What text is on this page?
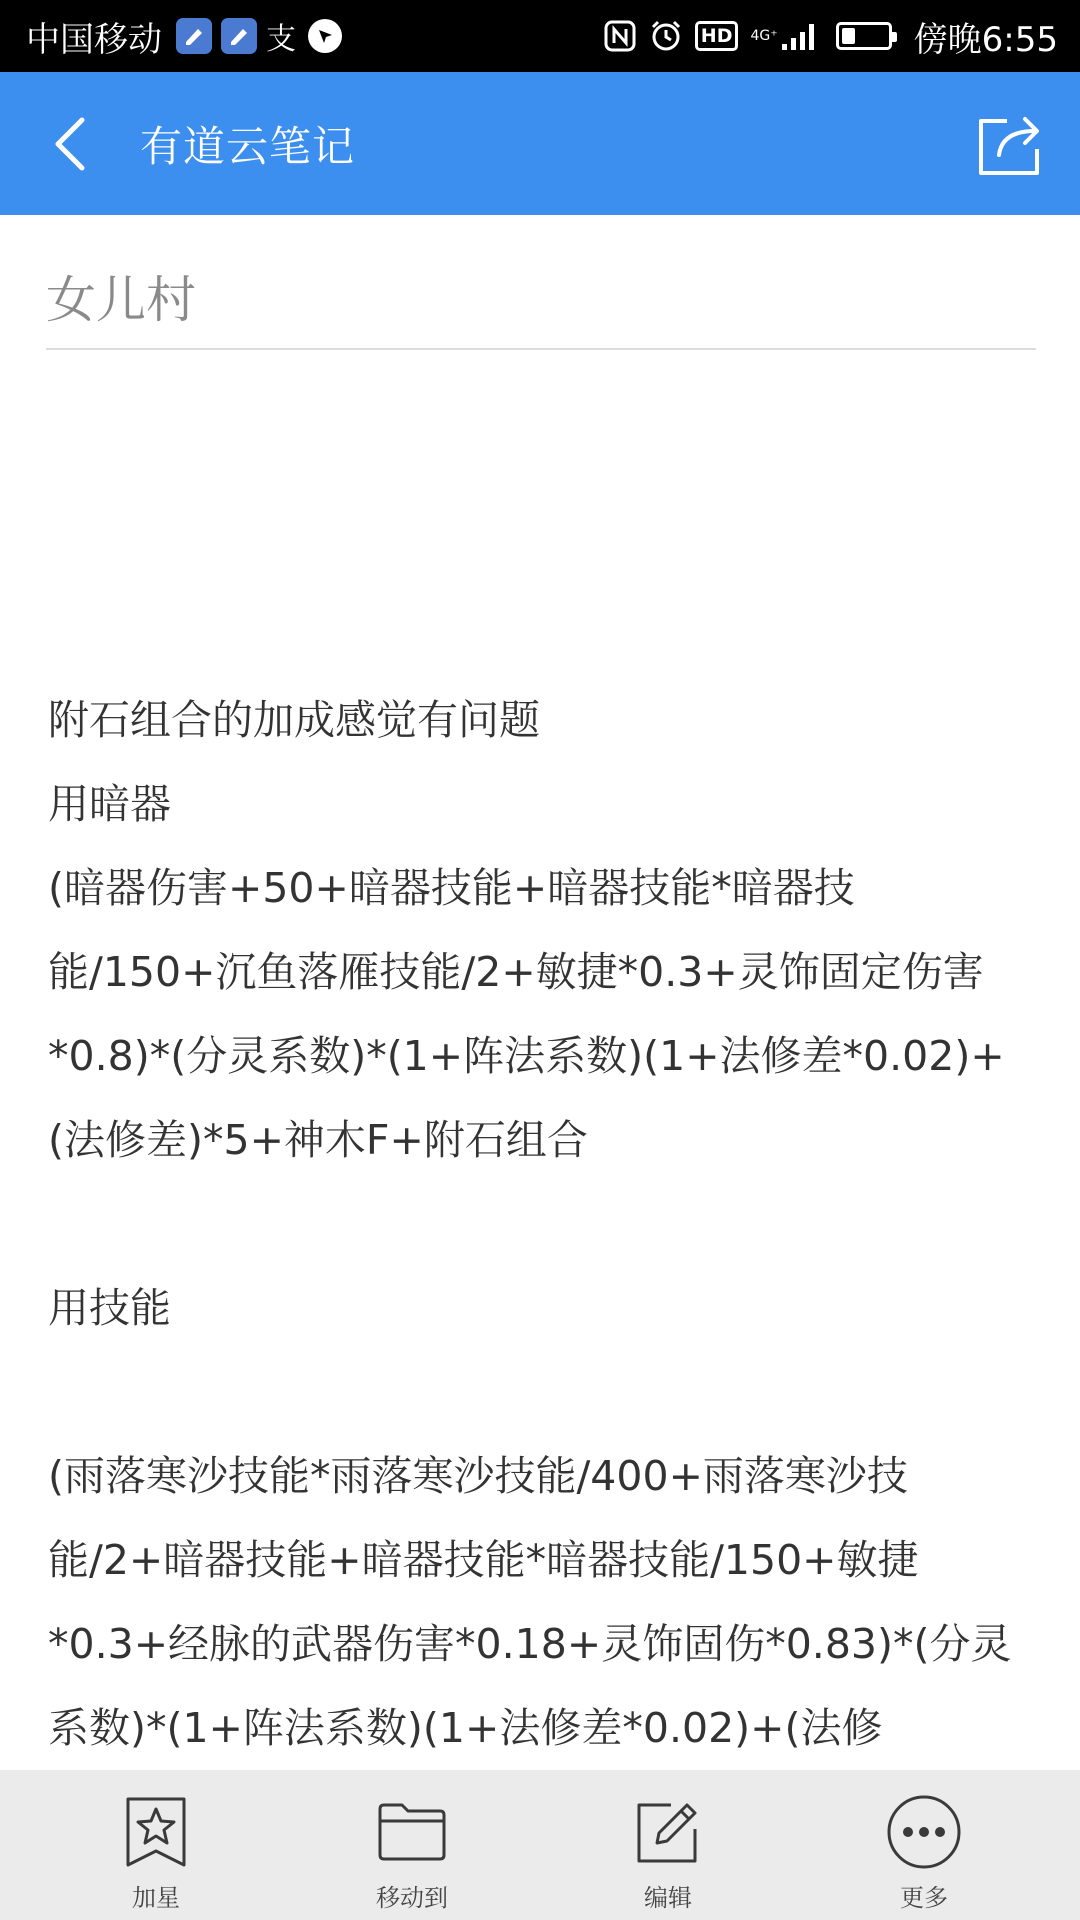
中国移动	支	HD	4G⁺	傍晚6:55
有道云笔记
女儿村
附石组合的加成感觉有问题
用暗器
(暗器伤害+50+暗器技能+暗器技能*暗器技
能/150+沉鱼落雁技能/2+敏捷*0.3+灵饰固定伤害
*0.8)*(分灵系数)*(1+阵法系数)(1+法修差*0.02)+
(法修差)*5+神木F+附石组合
用技能
(雨落寒沙技能*雨落寒沙技能/400+雨落寒沙技
能/2+暗器技能+暗器技能*暗器技能/150+敏捷
*0.3+经脉的武器伤害*0.18+灵饰固伤*0.83)*(分灵
系数)*(1+阵法系数)(1+法修差*0.02)+(法修
加星	移动到	编辑	更多
